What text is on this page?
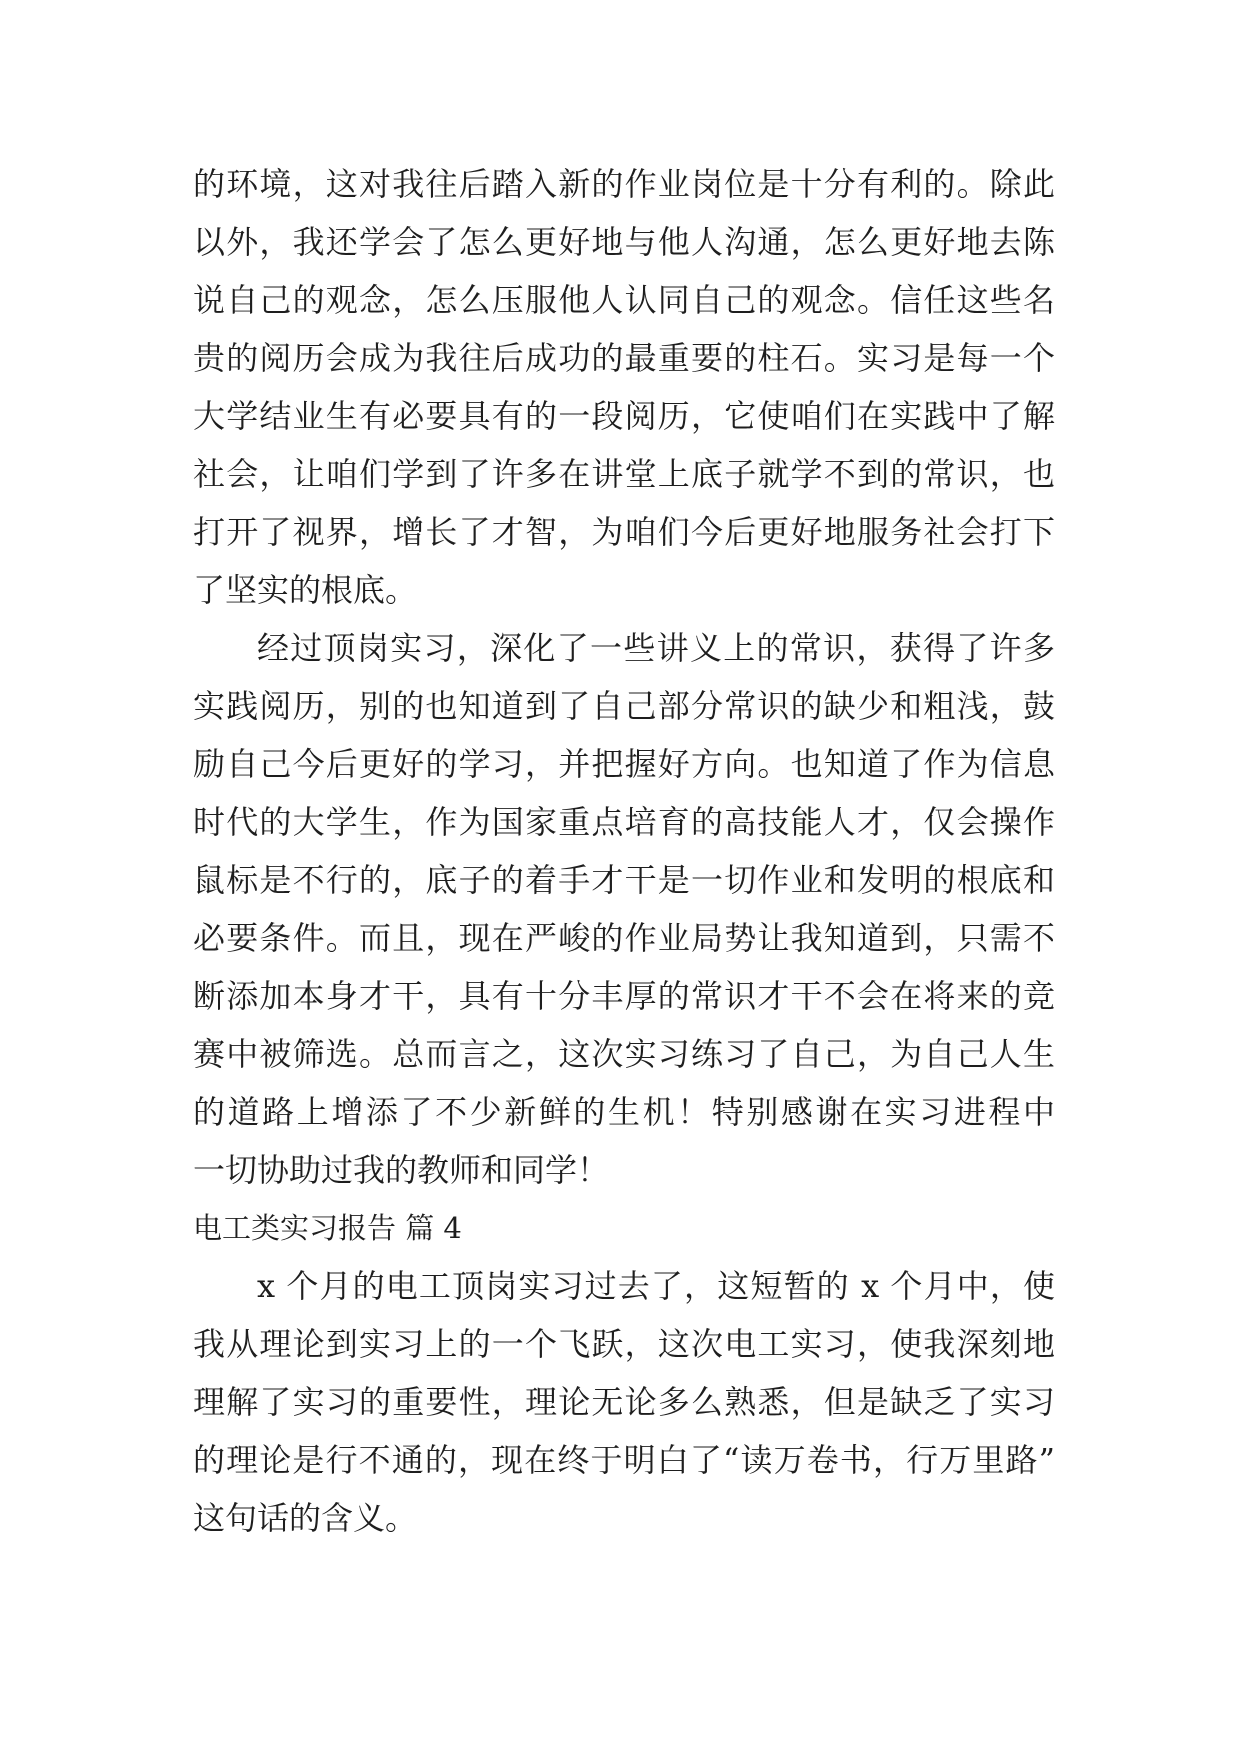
的环境，这对我往后踏入新的作业岗位是十分有利的。除此
以外，我还学会了怎么更好地与他人沟通，怎么更好地去陈
说自己的观念，怎么压服他人认同自己的观念。信任这些名
贵的阅历会成为我往后成功的最重要的柱石。实习是每一个
大学结业生有必要具有的一段阅历，它使咱们在实践中了解
社会，让咱们学到了许多在讲堂上底子就学不到的常识，也
打开了视界，增长了才智，为咱们今后更好地服务社会打下
了坚实的根底。
经过顶岗实习，深化了一些讲义上的常识，获得了许多
实践阅历，别的也知道到了自己部分常识的缺少和粗浅，鼓
励自己今后更好的学习，并把握好方向。也知道了作为信息
时代的大学生，作为国家重点培育的高技能人才，仅会操作
鼠标是不行的，底子的着手才干是一切作业和发明的根底和
必要条件。而且，现在严峻的作业局势让我知道到，只需不
断添加本身才干，具有十分丰厚的常识才干不会在将来的竞
赛中被筛选。总而言之，这次实习练习了自己，为自己人生
的道路上增添了不少新鲜的生机！特别感谢在实习进程中
一切协助过我的教师和同学！
电工类实习报告 篇 4
x 个月的电工顶岗实习过去了，这短暂的 x 个月中，使
我从理论到实习上的一个飞跃，这次电工实习，使我深刻地
理解了实习的重要性，理论无论多么熟悉，但是缺乏了实习
的理论是行不通的，现在终于明白了“读万卷书，行万里路”
这句话的含义。
